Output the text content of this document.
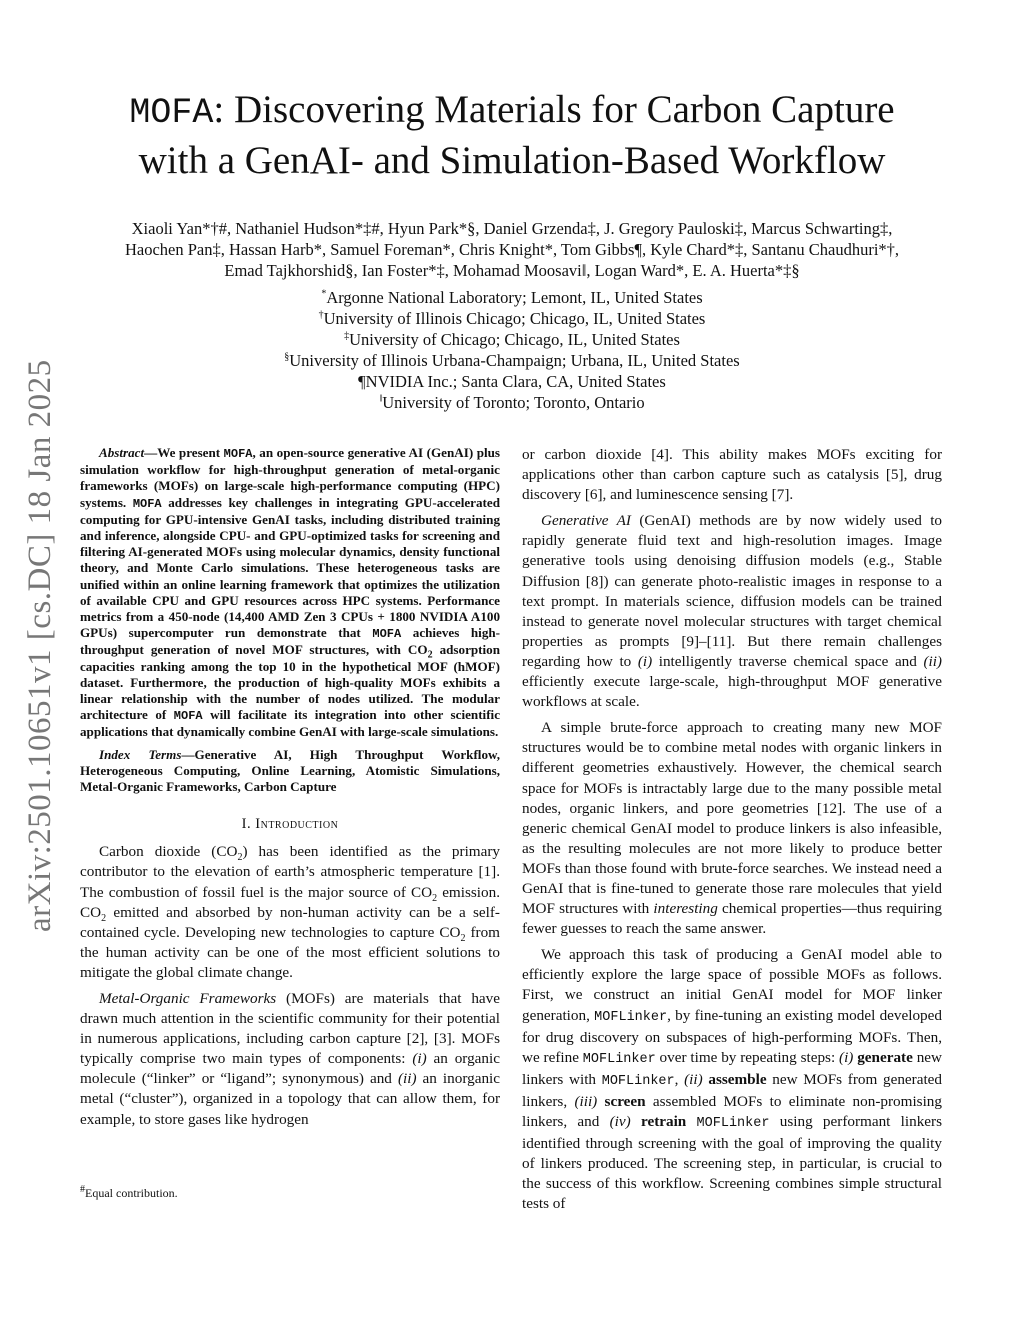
arXiv:2501.10651v1 [cs.DC] 18 Jan 2025
MOFA: Discovering Materials for Carbon Capture
with a GenAI- and Simulation-Based Workflow
Xiaoli Yan*†#, Nathaniel Hudson*‡#, Hyun Park*§, Daniel Grzenda‡, J. Gregory Pauloski‡, Marcus Schwarting‡,
Haochen Pan‡, Hassan Harb*, Samuel Foreman*, Chris Knight*, Tom Gibbs¶, Kyle Chard*‡, Santanu Chaudhuri*†,
Emad Tajkhorshid§, Ian Foster*‡, Mohamad Moosavi‖, Logan Ward*, E. A. Huerta*‡§
*Argonne National Laboratory; Lemont, IL, United States
†University of Illinois Chicago; Chicago, IL, United States
‡University of Chicago; Chicago, IL, United States
§University of Illinois Urbana-Champaign; Urbana, IL, United States
¶NVIDIA Inc.; Santa Clara, CA, United States
‖University of Toronto; Toronto, Ontario

Abstract—We present MOFA, an open-source generative AI (GenAI) plus simulation workflow for high-throughput generation of metal-organic frameworks (MOFs) on large-scale high-performance computing (HPC) systems. MOFA addresses key challenges in integrating GPU-accelerated computing for GPU-intensive GenAI tasks, including distributed training and inference, alongside CPU- and GPU-optimized tasks for screening and filtering AI-generated MOFs using molecular dynamics, density functional theory, and Monte Carlo simulations. These heterogeneous tasks are unified within an online learning framework that optimizes the utilization of available CPU and GPU resources across HPC systems. Performance metrics from a 450-node (14,400 AMD Zen 3 CPUs + 1800 NVIDIA A100 GPUs) supercomputer run demonstrate that MOFA achieves high-throughput generation of novel MOF structures, with $CO_2$ adsorption capacities ranking among the top 10 in the hypothetical MOF (hMOF) dataset. Furthermore, the production of high-quality MOFs exhibits a linear relationship with the number of nodes utilized. The modular architecture of MOFA will facilitate its integration into other scientific applications that dynamically combine GenAI with large-scale simulations.

Index Terms—Generative AI, High Throughput Workflow, Heterogeneous Computing, Online Learning, Atomistic Simulations, Metal-Organic Frameworks, Carbon Capture

I. Introduction

Carbon dioxide $(CO_2)$ has been identified as the primary contributor to the elevation of earth’s atmospheric temperature [1]. The combustion of fossil fuel is the major source of $CO_2$ emission. $CO_2$ emitted and absorbed by non-human activity can be a self-contained cycle. Developing new technologies to capture $CO_2$ from the human activity can be one of the most efficient solutions to mitigate the global climate change.

Metal-Organic Frameworks (MOFs) are materials that have drawn much attention in the scientific community for their potential in numerous applications, including carbon capture [2], [3]. MOFs typically comprise two main types of components: (i) an organic molecule (“linker” or “ligand”; synonymous) and (ii) an inorganic metal (“cluster”), organized in a topology that can allow them, for example, to store gases like hydrogen

#Equal contribution.

or carbon dioxide [4]. This ability makes MOFs exciting for applications other than carbon capture such as catalysis [5], drug discovery [6], and luminescence sensing [7].

Generative AI (GenAI) methods are by now widely used to rapidly generate fluid text and high-resolution images. Image generative tools using denoising diffusion models (e.g., Stable Diffusion [8]) can generate photo-realistic images in response to a text prompt. In materials science, diffusion models can be trained instead to generate novel molecular structures with target chemical properties as prompts [9]–[11]. But there remain challenges regarding how to (i) intelligently traverse chemical space and (ii) efficiently execute large-scale, high-throughput MOF generative workflows at scale.

A simple brute-force approach to creating many new MOF structures would be to combine metal nodes with organic linkers in different geometries exhaustively. However, the chemical search space for MOFs is intractably large due to the many possible metal nodes, organic linkers, and pore geometries [12]. The use of a generic chemical GenAI model to produce linkers is also infeasible, as the resulting molecules are not more likely to produce better MOFs than those found with brute-force searches. We instead need a GenAI that is fine-tuned to generate those rare molecules that yield MOF structures with interesting chemical properties—thus requiring fewer guesses to reach the same answer.

We approach this task of producing a GenAI model able to efficiently explore the large space of possible MOFs as follows. First, we construct an initial GenAI model for MOF linker generation, MOFLinker, by fine-tuning an existing model developed for drug discovery on subspaces of high-performing MOFs. Then, we refine MOFLinker over time by repeating steps: (i) generate new linkers with MOFLinker, (ii) assemble new MOFs from generated linkers, (iii) screen assembled MOFs to eliminate non-promising linkers, and (iv) retrain MOFLinker using performant linkers identified through screening with the goal of improving the quality of linkers produced. The screening step, in particular, is crucial to the success of this workflow. Screening combines simple structural tests of
